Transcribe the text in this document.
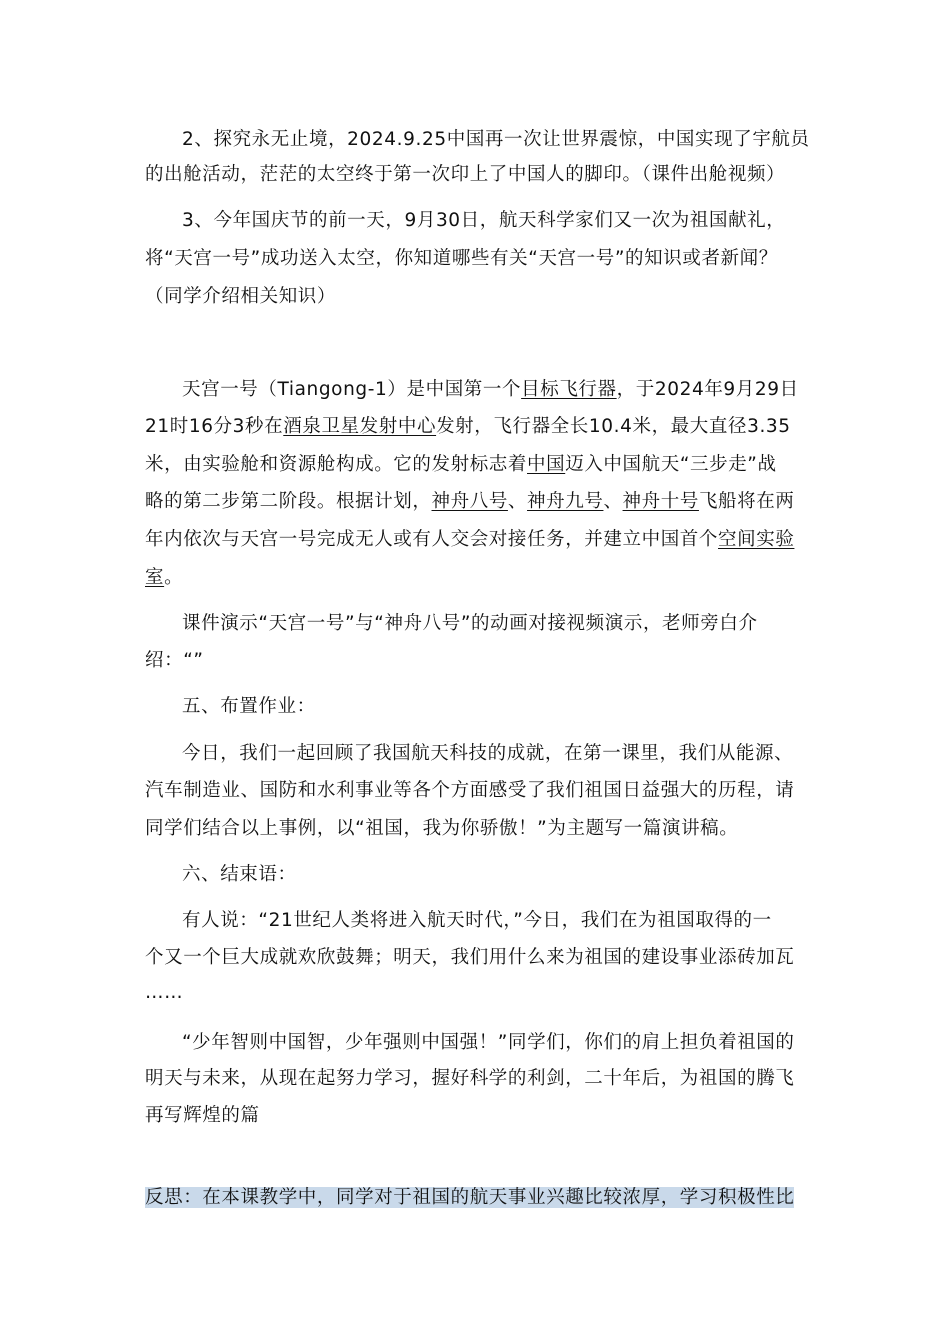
2、探究永无止境，2024.9.25中国再一次让世界震惊，中国实现了宇航员
的出舱活动，茫茫的太空终于第一次印上了中国人的脚印。（课件出舱视频）
3、今年国庆节的前一天，9月30日，航天科学家们又一次为祖国献礼，
将“天宫一号”成功送入太空，你知道哪些有关“天宫一号”的知识或者新闻？
（同学介绍相关知识）
天宫一号（Tiangong-1）是中国第一个目标飞行器，于2024年9月29日
21时16分3秒在酒泉卫星发射中心发射，飞行器全长10.4米，最大直径3.35
米，由实验舱和资源舱构成。它的发射标志着中国迈入中国航天“三步走”战
略的第二步第二阶段。根据计划，神舟八号、神舟九号、神舟十号飞船将在两
年内依次与天宫一号完成无人或有人交会对接任务，并建立中国首个空间实验
室。
课件演示“天宫一号”与“神舟八号”的动画对接视频演示，老师旁白介
绍：“”
五、布置作业：
今日，我们一起回顾了我国航天科技的成就，在第一课里，我们从能源、
汽车制造业、国防和水利事业等各个方面感受了我们祖国日益强大的历程，请
同学们结合以上事例，以“祖国，我为你骄傲！”为主题写一篇演讲稿。
六、结束语：
有人说：“21世纪人类将进入航天时代，”今日，我们在为祖国取得的一
个又一个巨大成就欢欣鼓舞；明天，我们用什么来为祖国的建设事业添砖加瓦
……
“少年智则中国智，少年强则中国强！”同学们，你们的肩上担负着祖国的
明天与未来，从现在起努力学习，握好科学的利剑，二十年后，为祖国的腾飞
再写辉煌的篇
反思：在本课教学中，同学对于祖国的航天事业兴趣比较浓厚，学习积极性比
